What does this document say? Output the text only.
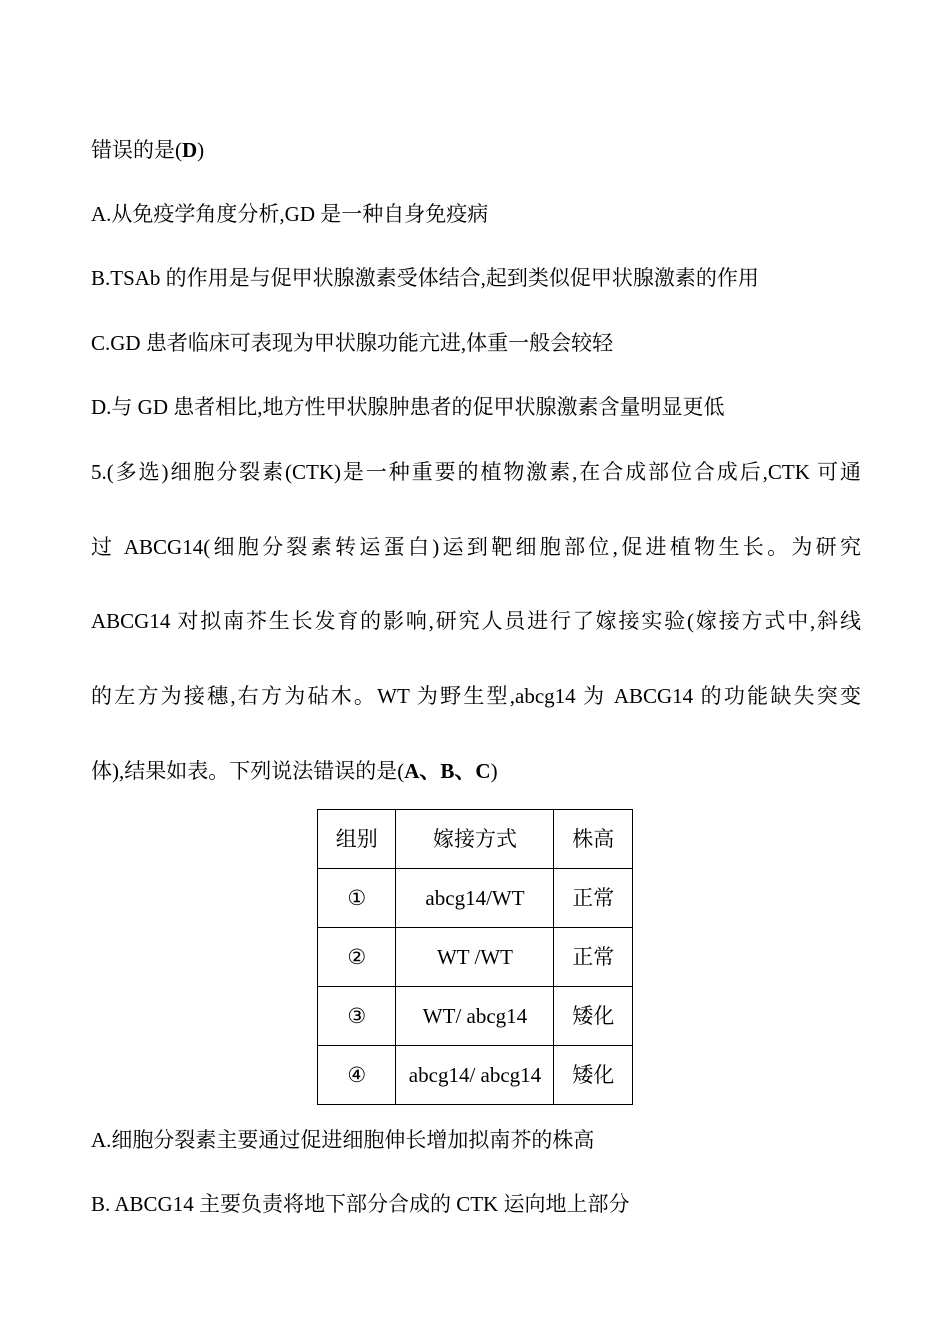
错误的是(D)
A.从免疫学角度分析,GD 是一种自身免疫病
B.TSAb 的作用是与促甲状腺激素受体结合,起到类似促甲状腺激素的作用
C.GD 患者临床可表现为甲状腺功能亢进,体重一般会较轻
D.与 GD 患者相比,地方性甲状腺肿患者的促甲状腺激素含量明显更低
5.(多选)细胞分裂素(CTK)是一种重要的植物激素,在合成部位合成后,CTK 可通
过 ABCG14(细胞分裂素转运蛋白)运到靶细胞部位,促进植物生长。为研究
ABCG14 对拟南芥生长发育的影响,研究人员进行了嫁接实验(嫁接方式中,斜线
的左方为接穗,右方为砧木。WT 为野生型,abcg14 为 ABCG14 的功能缺失突变
体),结果如表。下列说法错误的是(A、B、C)
组别	嫁接方式	株高
①	abcg14/WT	正常
②	WT /WT	正常
③	WT/ abcg14	矮化
④	abcg14/ abcg14	矮化
A.细胞分裂素主要通过促进细胞伸长增加拟南芥的株高
B. ABCG14 主要负责将地下部分合成的 CTK 运向地上部分
